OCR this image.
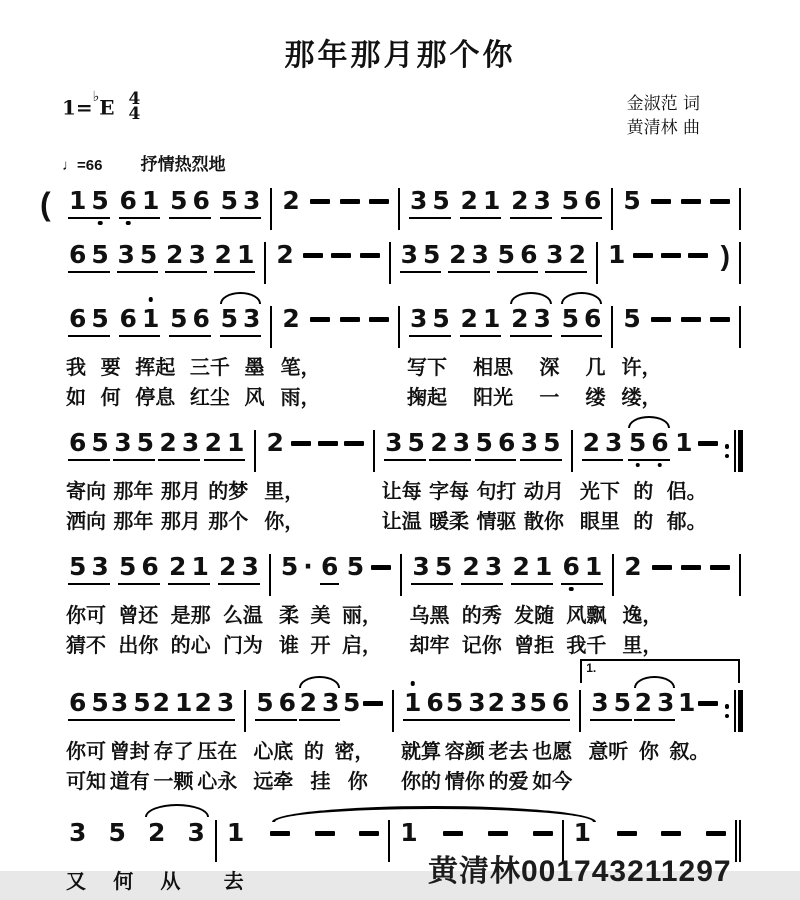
那年那月那个你
1=♭E 4
4	金淑范 词
黄清林 曲
♩=66 抒情热烈地
( 1 5 6 1 5 6 5 3 2	3 5 2 1 2 3 5 6 5

6 5 3 5 2 3 2 1 2	3 5 2 3 5 6 3 2 1	)

6 5 6 1 5 6 5 3 2	3 5 2 1 2 3 5 6 5

我 要 挥起 三千 墨 笔，	写下 相思 深 几 许，

如 何 停息 红尘 风 雨，	掬起 阳光 一 缕 缕，

6 5 3 5 2 3 2 1 2	3 5 2 3 5 6 3 5 2 3 5 6 1

寄向 那年 那月 的梦 里，	让每 字每 句打 动月 光下 的 侣。

洒向 那年 那月 那个 你，	让温 暖柔 情驱 散你 眼里 的 郁。

5 3 5 6 2 1 2 3 5 · 6 5 3 5 2 3 2 1 6 1 2

你可 曾还 是那 么温 柔 美 丽， 乌黑 的秀 发随 风飘 逸，

猜不 出你 的心 门为 谁 开 启， 却牢 记你 曾拒 我千 里，

6 5 3 5 2 1 2 3 5 6 2 3 5 1 6 5 3 2 3 5 6 3 5 2 3 1
1.

你可 曾封 存了 压在 心底 的 密， 就算 容颜 老去 也愿 意听 你 叙。

可知 道有 一颗 心永 远牵 挂 你 你的 情你 的爱 如今

3 5 2 3 1	1	1

又 何 从 去	黄清林001743211297
